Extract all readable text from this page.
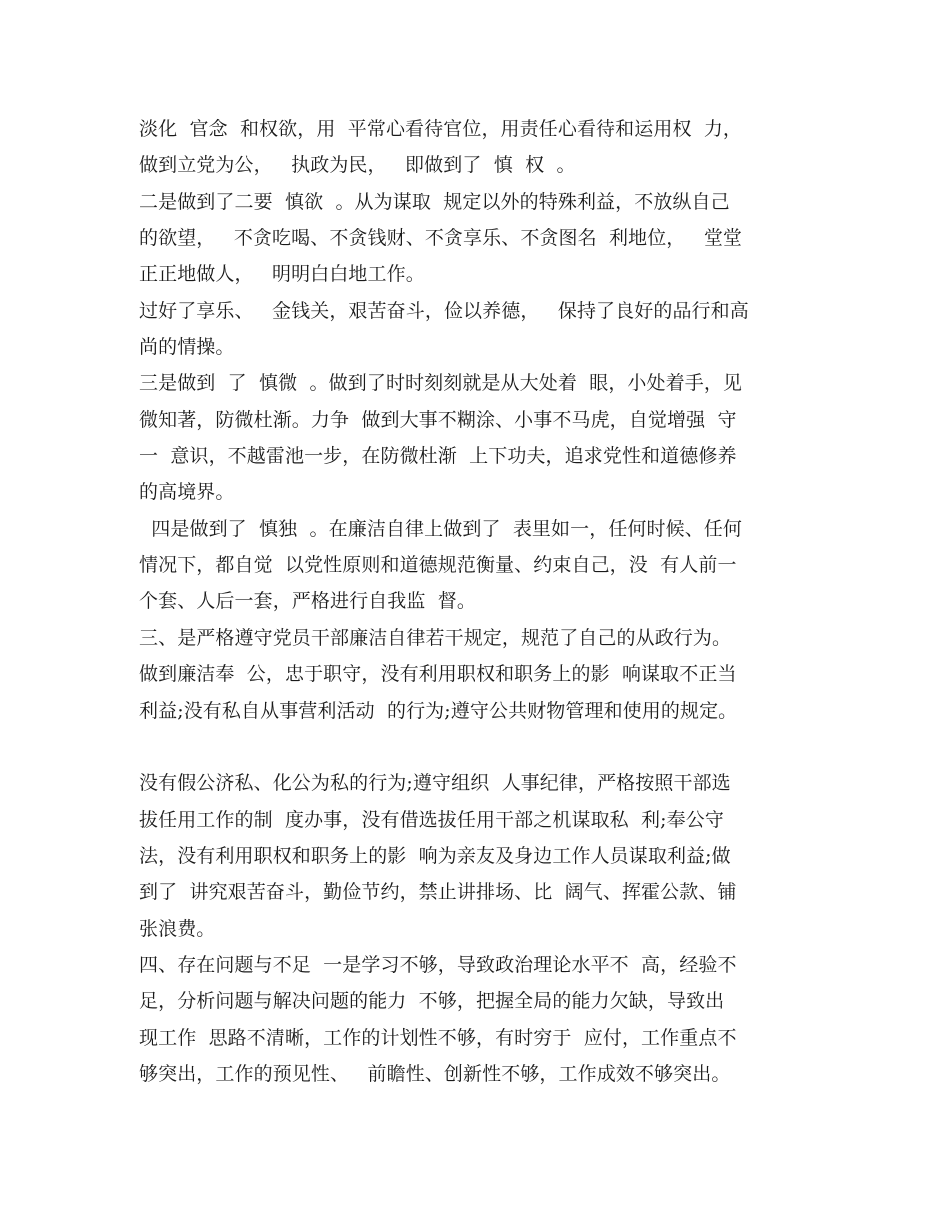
淡化  官念  和权欲，用  平常心看待官位，用责任心看待和运用权  力，
做到立党为公，   执政为民，   即做到了  慎  权  。
二是做到了二要  慎欲  。从为谋取  规定以外的特殊利益，不放纵自己
的欲望，   不贪吃喝、不贪钱财、不贪享乐、不贪图名  利地位，   堂堂
正正地做人，   明明白白地工作。
过好了享乐、   金钱关，艰苦奋斗，俭以养德，   保持了良好的品行和高
尚的情操。
三是做到  了  慎微  。做到了时时刻刻就是从大处着  眼，小处着手，见
微知著，防微杜渐。力争  做到大事不糊涂、小事不马虎，自觉增强  守
一  意识，不越雷池一步，在防微杜渐  上下功夫，追求党性和道德修养
的高境界。
四是做到了  慎独  。在廉洁自律上做到了  表里如一，任何时候、任何
情况下，都自觉  以党性原则和道德规范衡量、约束自己，没  有人前一
个套、人后一套，严格进行自我监  督。
三、是严格遵守党员干部廉洁自律若干规定，规范了自己的从政行为。
做到廉洁奉  公，忠于职守，没有利用职权和职务上的影  响谋取不正当
利益;没有私自从事营利活动  的行为;遵守公共财物管理和使用的规定。
没有假公济私、化公为私的行为;遵守组织  人事纪律，严格按照干部选
拔任用工作的制  度办事，没有借选拔任用干部之机谋取私  利;奉公守
法，没有利用职权和职务上的影  响为亲友及身边工作人员谋取利益;做
到了  讲究艰苦奋斗，勤俭节约，禁止讲排场、比  阔气、挥霍公款、铺
张浪费。
四、存在问题与不足  一是学习不够，导致政治理论水平不  高，经验不
足，分析问题与解决问题的能力  不够，把握全局的能力欠缺，导致出
现工作  思路不清晰，工作的计划性不够，有时穷于  应付，工作重点不
够突出，工作的预见性、   前瞻性、创新性不够，工作成效不够突出。
